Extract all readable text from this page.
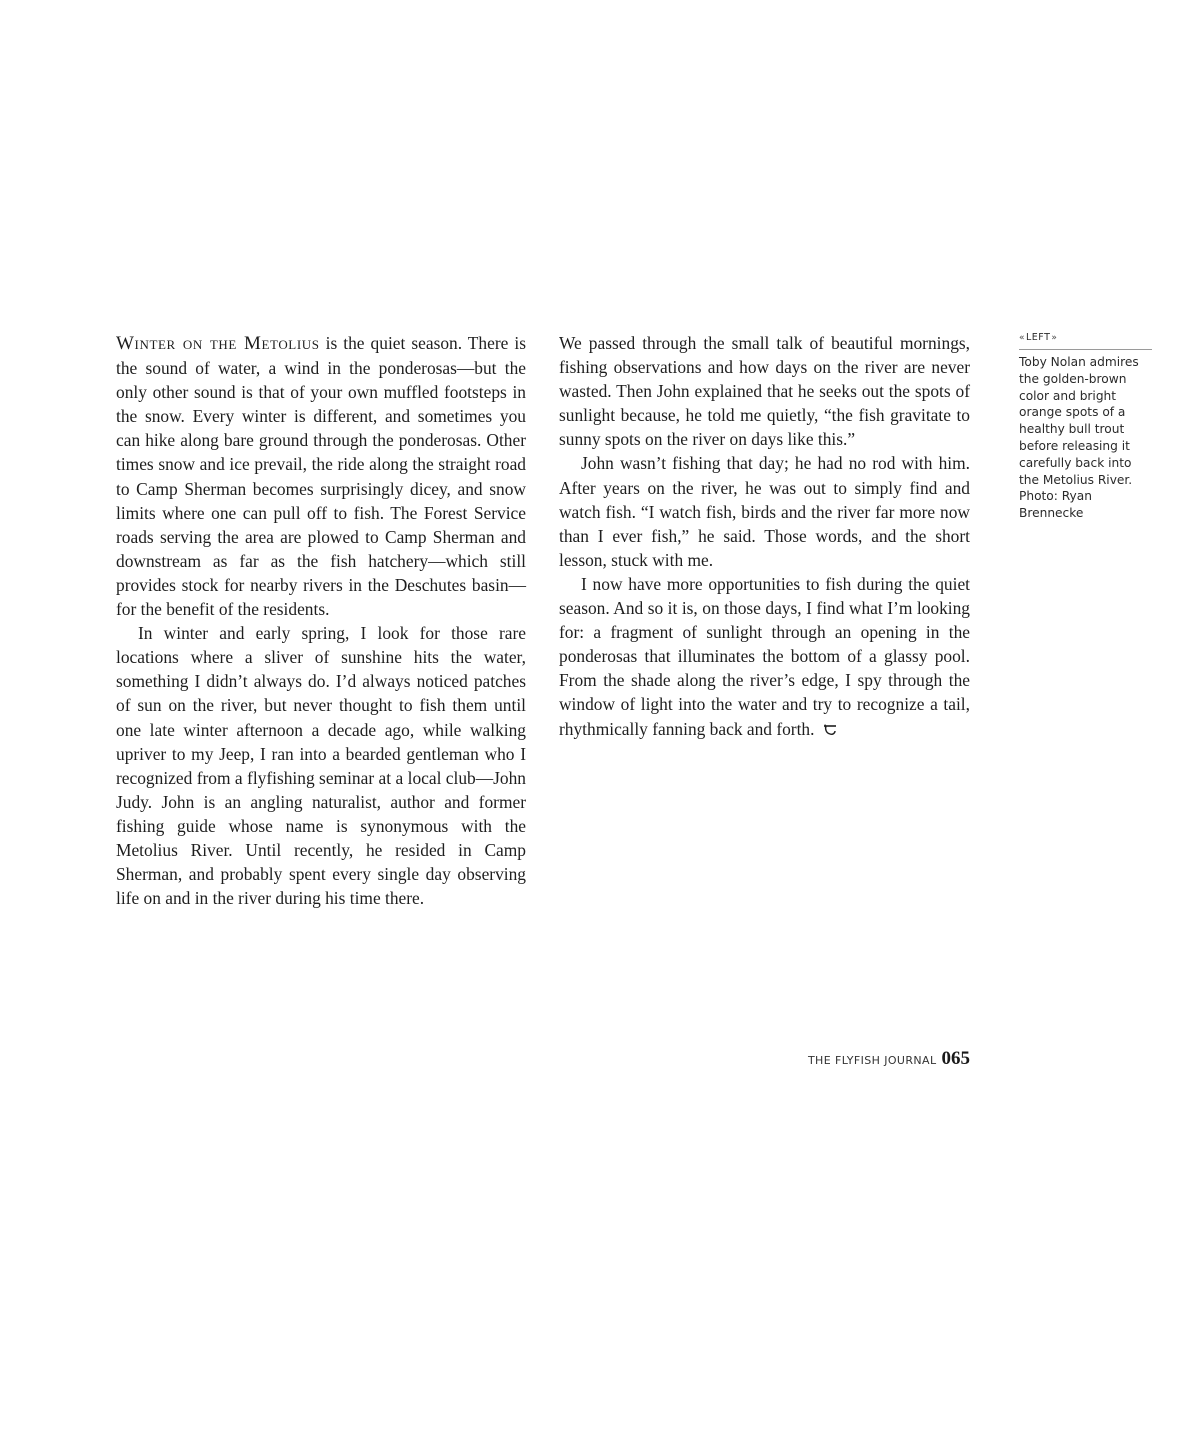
Winter on the Metolius is the quiet season. There is the sound of water, a wind in the ponderosas—but the only other sound is that of your own muffled footsteps in the snow. Every winter is different, and sometimes you can hike along bare ground through the ponderosas. Other times snow and ice prevail, the ride along the straight road to Camp Sherman becomes surprisingly dicey, and snow limits where one can pull off to fish. The Forest Service roads serving the area are plowed to Camp Sherman and downstream as far as the fish hatchery—which still provides stock for nearby rivers in the Deschutes basin—for the benefit of the residents.

In winter and early spring, I look for those rare locations where a sliver of sunshine hits the water, something I didn’t always do. I’d always noticed patches of sun on the river, but never thought to fish them until one late winter afternoon a decade ago, while walking upriver to my Jeep, I ran into a bearded gentleman who I recognized from a flyfishing seminar at a local club—John Judy. John is an angling naturalist, author and former fishing guide whose name is synonymous with the Metolius River. Until recently, he resided in Camp Sherman, and probably spent every single day observing life on and in the river during his time there.

We passed through the small talk of beautiful mornings, fishing observations and how days on the river are never wasted. Then John explained that he seeks out the spots of sunlight because, he told me quietly, “the fish gravitate to sunny spots on the river on days like this.”

John wasn’t fishing that day; he had no rod with him. After years on the river, he was out to simply find and watch fish. “I watch fish, birds and the river far more now than I ever fish,” he said. Those words, and the short lesson, stuck with me.

I now have more opportunities to fish during the quiet season. And so it is, on those days, I find what I’m looking for: a fragment of sunlight through an opening in the ponderosas that illuminates the bottom of a glassy pool. From the shade along the river’s edge, I spy through the window of light into the water and try to recognize a tail, rhythmically fanning back and forth.

« LEFT »
Toby Nolan admires the golden-brown color and bright orange spots of a healthy bull trout before releasing it carefully back into the Metolius River. Photo: Ryan Brennecke
THE FLYFISH JOURNAL 065
